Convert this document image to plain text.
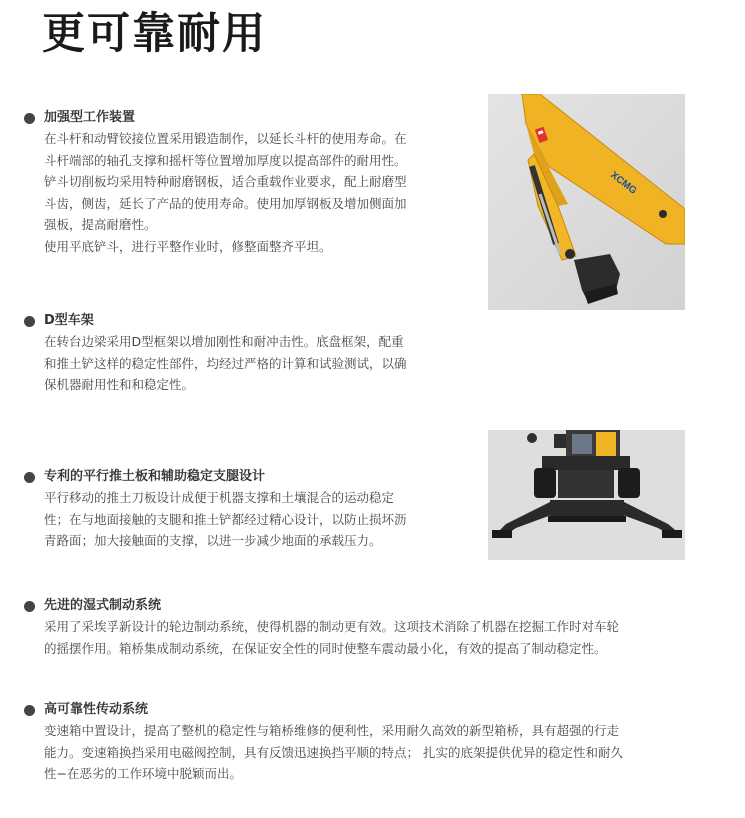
更可靠耐用
加强型工作装置
在斗杆和动臂铰接位置采用锻造制作，以延长斗杆的使用寿命。在
斗杆端部的轴孔支撑和摇杆等位置增加厚度以提高部件的耐用性。
铲斗切削板均采用特种耐磨钢板，适合重载作业要求，配上耐磨型
斗齿，侧齿，延长了产品的使用寿命。使用加厚钢板及增加侧面加
强板，提高耐磨性。
使用平底铲斗，进行平整作业时，修整面整齐平坦。
D型车架
在转台边梁采用D型框架以增加刚性和耐冲击性。底盘框架，配重
和推土铲这样的稳定性部件，均经过严格的计算和试验测试，以确
保机器耐用性和和稳定性。
专利的平行推土板和辅助稳定支腿设计
平行移动的推土刀板设计成便于机器支撑和土壤混合的运动稳定
性；在与地面接触的支腿和推土铲都经过精心设计，以防止损坏沥
青路面；加大接触面的支撑，以进一步减少地面的承载压力。
先进的湿式制动系统
采用了采埃孚新设计的轮边制动系统，使得机器的制动更有效。这项技术消除了机器在挖掘工作时对车轮
的摇摆作用。箱桥集成制动系统，在保证安全性的同时使整车震动最小化，有效的提高了制动稳定性。
高可靠性传动系统
变速箱中置设计，提高了整机的稳定性与箱桥维修的便利性，采用耐久高效的新型箱桥，具有超强的行走
能力。变速箱换挡采用电磁阀控制，具有反馈迅速换挡平顺的特点； 扎实的底架提供优异的稳定性和耐久
性−在恶劣的工作环境中脱颖而出。
XCMG
